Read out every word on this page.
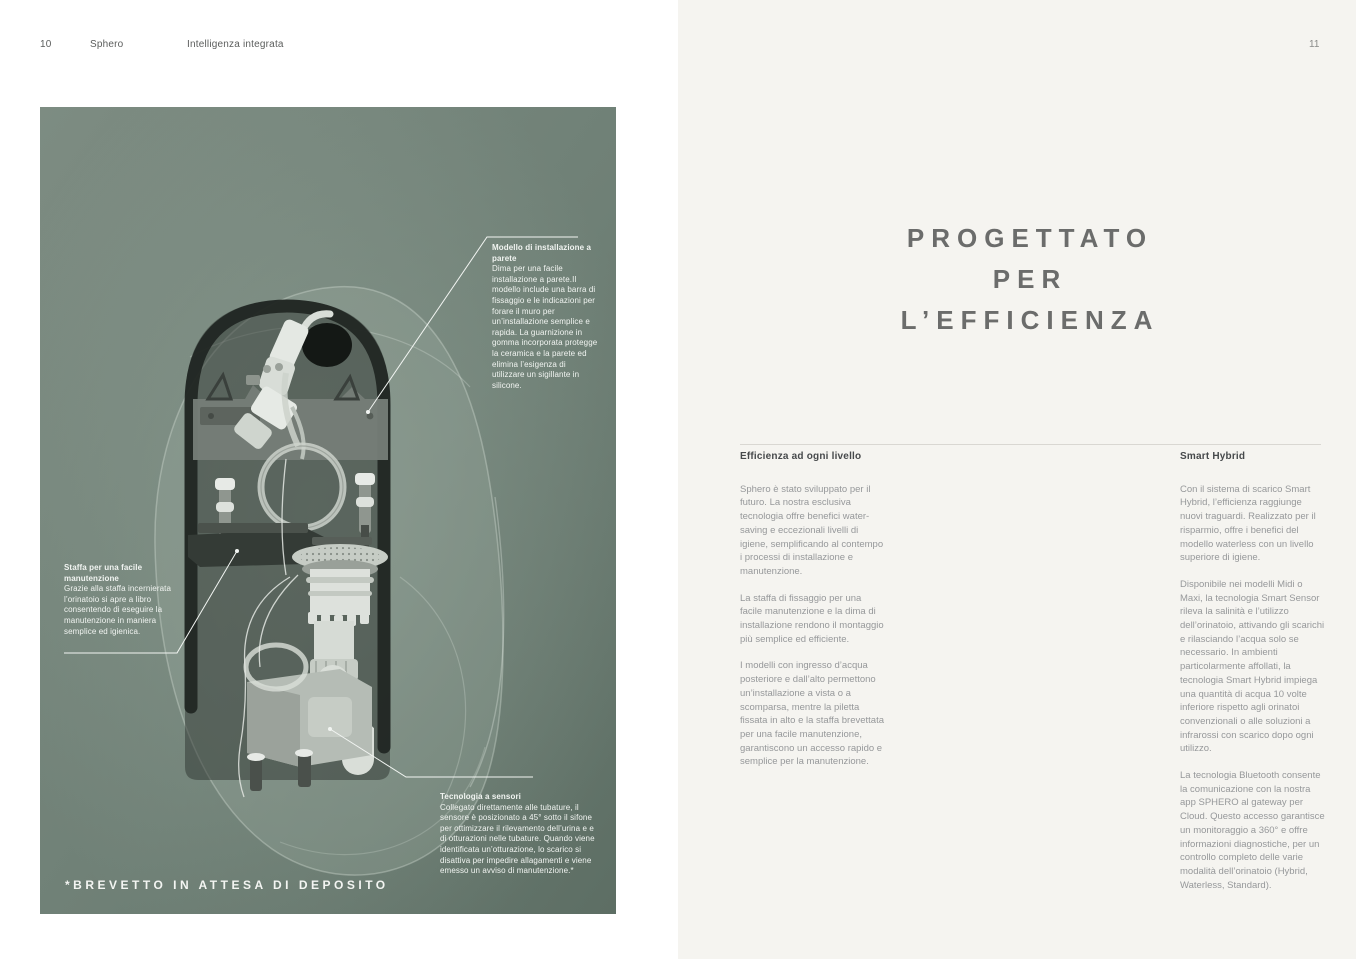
10	Sphero	Intelligenza integrata
Modello di installazione a parete
Dima per una facile installazione a parete.Il modello include una barra di fissaggio e le indicazioni per forare il muro per un’installazione semplice e rapida. La guarnizione in gomma incorporata protegge la ceramica e la parete ed elimina l’esigenza di utilizzare un sigillante in silicone.
Staffa per una facile manutenzione
Grazie alla staffa incernierata l’orinatoio si apre a libro consentendo di eseguire la manutenzione in maniera semplice ed igienica.
Tecnologia a sensori
Collegato direttamente alle tubature, il sensore è posizionato a 45° sotto il sifone per ottimizzare il rilevamento dell’urina e e di otturazioni nelle tubature. Quando viene identificata un’otturazione, lo scarico si disattiva per impedire allagamenti e viene emesso un avviso di manutenzione.*
*BREVETTO IN ATTESA DI DEPOSITO
11
PROGETTATO
PER
L’EFFICIENZA
Efficienza ad ogni livello

Sphero è stato sviluppato per il futuro. La nostra esclusiva tecnologia offre benefici water-saving e eccezionali livelli di igiene, semplificando al contempo i processi di installazione e manutenzione.

La staffa di fissaggio per una facile manutenzione e la dima di installazione rendono il montaggio più semplice ed efficiente.

I modelli con ingresso d’acqua posteriore e dall’alto permettono un’installazione a vista o a scomparsa, mentre la piletta fissata in alto e la staffa brevettata per una facile manutenzione, garantiscono un accesso rapido e semplice per la manutenzione.

Smart Hybrid

Con il sistema di scarico Smart Hybrid, l’efficienza raggiunge nuovi traguardi. Realizzato per il risparmio, offre i benefici del modello waterless con un livello superiore di igiene.

Disponibile nei modelli Midi o Maxi, la tecnologia Smart Sensor rileva la salinità e l’utilizzo dell’orinatoio, attivando gli scarichi e rilasciando l’acqua solo se necessario. In ambienti particolarmente affollati, la tecnologia Smart Hybrid impiega una quantità di acqua 10 volte inferiore rispetto agli orinatoi convenzionali o alle soluzioni a infrarossi con scarico dopo ogni utilizzo.

La tecnologia Bluetooth consente la comunicazione con la nostra app SPHERO al gateway per Cloud. Questo accesso garantisce un monitoraggio a 360° e offre informazioni diagnostiche, per un controllo completo delle varie modalità dell’orinatoio (Hybrid, Waterless, Standard).
